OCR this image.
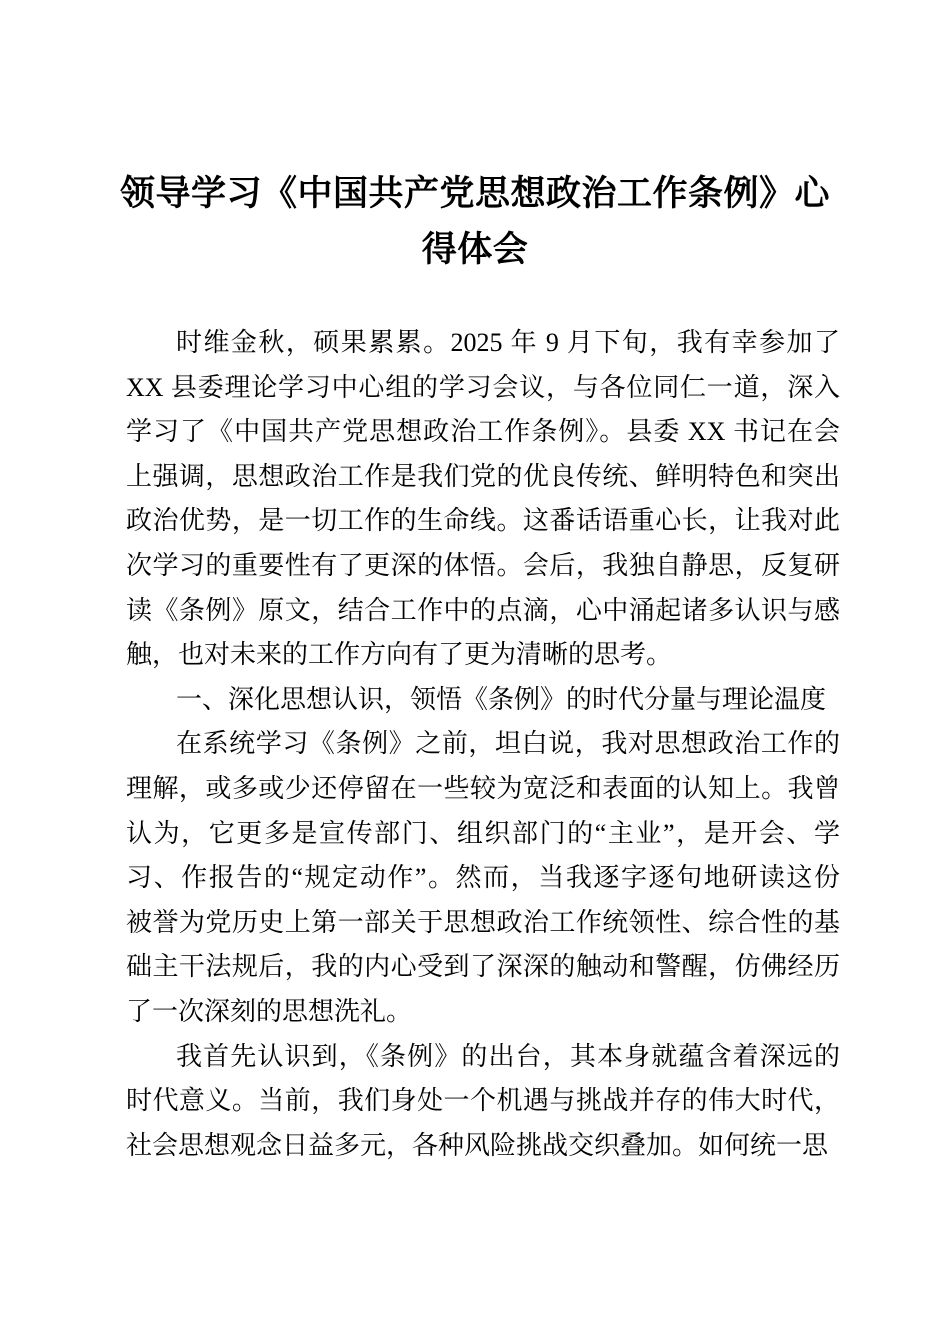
领导学习《中国共产党思想政治工作条例》心
得体会
时维金秋，硕果累累。2025 年 9 月下旬，我有幸参加了
XX 县委理论学习中心组的学习会议，与各位同仁一道，深入
学习了《中国共产党思想政治工作条例》。县委 XX 书记在会
上强调，思想政治工作是我们党的优良传统、鲜明特色和突出
政治优势，是一切工作的生命线。这番话语重心长，让我对此
次学习的重要性有了更深的体悟。会后，我独自静思，反复研
读《条例》原文，结合工作中的点滴，心中涌起诸多认识与感
触，也对未来的工作方向有了更为清晰的思考。
一、深化思想认识，领悟《条例》的时代分量与理论温度
在系统学习《条例》之前，坦白说，我对思想政治工作的
理解，或多或少还停留在一些较为宽泛和表面的认知上。我曾
认为，它更多是宣传部门、组织部门的“主业”，是开会、学
习、作报告的“规定动作”。然而，当我逐字逐句地研读这份
被誉为党历史上第一部关于思想政治工作统领性、综合性的基
础主干法规后，我的内心受到了深深的触动和警醒，仿佛经历
了一次深刻的思想洗礼。
我首先认识到，《条例》的出台，其本身就蕴含着深远的
时代意义。当前，我们身处一个机遇与挑战并存的伟大时代，
社会思想观念日益多元，各种风险挑战交织叠加。如何统一思
